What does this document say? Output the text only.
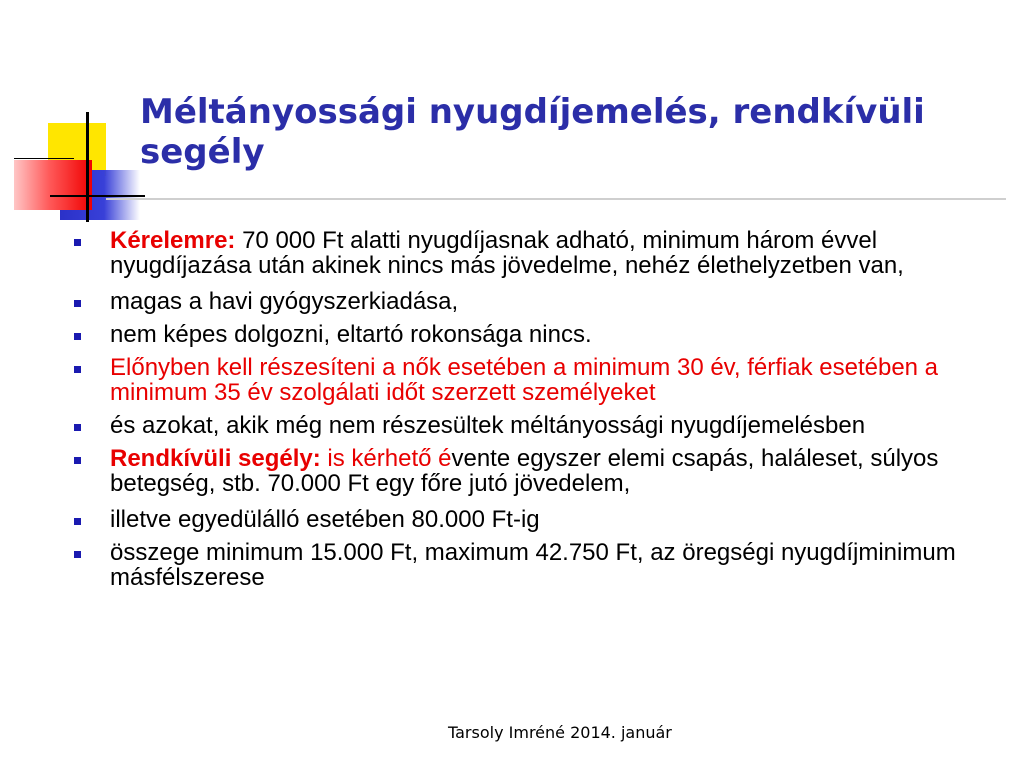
Méltányossági nyugdíjemelés, rendkívüli segély
Kérelemre: 70 000 Ft alatti nyugdíjasnak adható, minimum három évvel nyugdíjazása után akinek nincs más jövedelme, nehéz élethelyzetben van,
magas a havi gyógyszerkiadása,
nem képes dolgozni, eltartó rokonsága nincs.
Előnyben kell részesíteni a nők esetében a minimum 30 év, férfiak esetében a minimum 35 év szolgálati időt szerzett személyeket
és azokat, akik még nem részesültek méltányossági nyugdíjemelésben
Rendkívüli segély: is kérhető évente egyszer elemi csapás, haláleset, súlyos betegség, stb. 70.000 Ft egy főre jutó jövedelem,
illetve egyedülálló esetében 80.000 Ft-ig
összege minimum 15.000 Ft, maximum 42.750 Ft, az öregségi nyugdíjminimum másfélszerese
Tarsoly Imréné 2014. január
